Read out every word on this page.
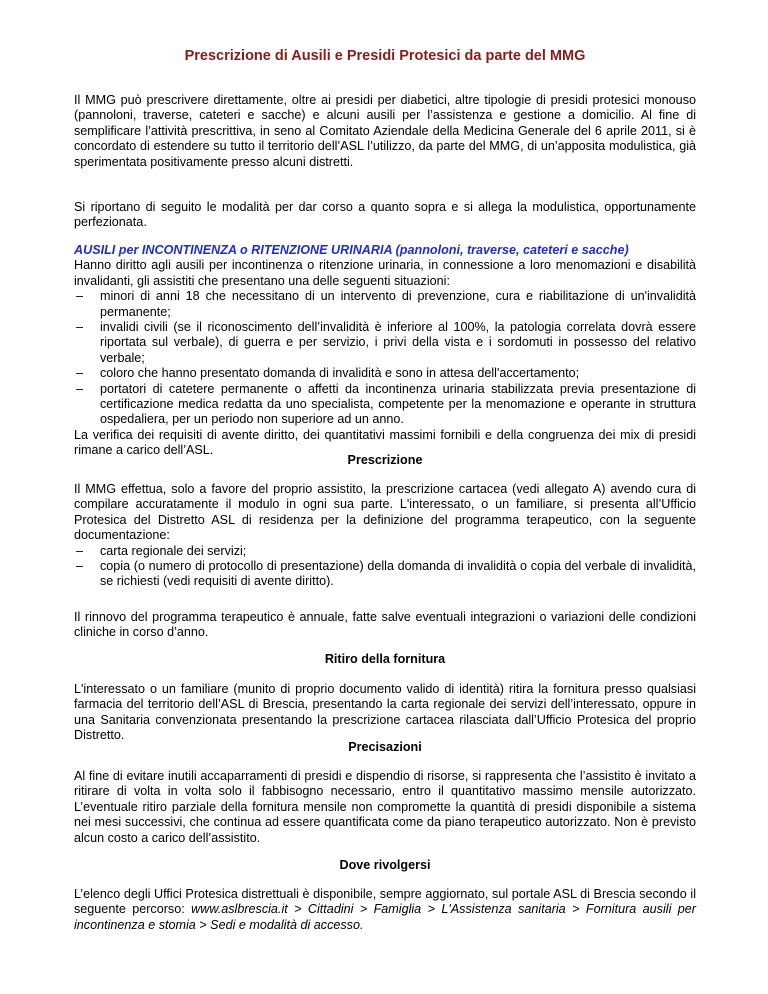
Prescrizione di Ausili e Presidi Protesici da parte del MMG
Il MMG può prescrivere direttamente, oltre ai presidi per diabetici, altre tipologie di presidi protesici monouso (pannoloni, traverse, cateteri e sacche) e alcuni ausili per l’assistenza e gestione a domicilio. Al fine di semplificare l’attività prescrittiva, in seno al Comitato Aziendale della Medicina Generale del 6 aprile 2011, si è concordato di estendere su tutto il territorio dell’ASL l’utilizzo, da parte del MMG, di un’apposita modulistica, già sperimentata positivamente presso alcuni distretti.
Si riportano di seguito le modalità per dar corso a quanto sopra e si allega la modulistica, opportunamente perfezionata.
AUSILI per INCONTINENZA o RITENZIONE URINARIA (pannoloni, traverse, cateteri e sacche)
Hanno diritto agli ausili per incontinenza o ritenzione urinaria, in connessione a loro menomazioni e disabilità invalidanti, gli assistiti che presentano una delle seguenti situazioni:
– minori di anni 18 che necessitano di un intervento di prevenzione, cura e riabilitazione di un'invalidità permanente;
– invalidi civili (se il riconoscimento dell’invalidità è inferiore al 100%, la patologia correlata dovrà essere riportata sul verbale), di guerra e per servizio, i privi della vista e i sordomuti in possesso del relativo verbale;
– coloro che hanno presentato domanda di invalidità e sono in attesa dell'accertamento;
– portatori di catetere permanente o affetti da incontinenza urinaria stabilizzata previa presentazione di certificazione medica redatta da uno specialista, competente per la menomazione e operante in struttura ospedaliera, per un periodo non superiore ad un anno.
La verifica dei requisiti di avente diritto, dei quantitativi massimi fornibili e della congruenza dei mix di presidi rimane a carico dell’ASL.
Prescrizione
Il MMG effettua, solo a favore del proprio assistito, la prescrizione cartacea (vedi allegato A) avendo cura di compilare accuratamente il modulo in ogni sua parte. L'interessato, o un familiare, si presenta all’Ufficio Protesica del Distretto ASL di residenza per la definizione del programma terapeutico, con la seguente documentazione:
– carta regionale dei servizi;
– copia (o numero di protocollo di presentazione) della domanda di invalidità o copia del verbale di invalidità, se richiesti (vedi requisiti di avente diritto).
Il rinnovo del programma terapeutico è annuale, fatte salve eventuali integrazioni o variazioni delle condizioni cliniche in corso d’anno.
Ritiro della fornitura
L'interessato o un familiare (munito di proprio documento valido di identità) ritira la fornitura presso qualsiasi farmacia del territorio dell’ASL di Brescia, presentando la carta regionale dei servizi dell’interessato, oppure in una Sanitaria convenzionata presentando la prescrizione cartacea rilasciata dall’Ufficio Protesica del proprio Distretto.
Precisazioni
Al fine di evitare inutili accaparramenti di presidi e dispendio di risorse, si rappresenta che l’assistito è invitato a ritirare di volta in volta solo il fabbisogno necessario, entro il quantitativo massimo mensile autorizzato. L’eventuale ritiro parziale della fornitura mensile non compromette la quantità di presidi disponibile a sistema nei mesi successivi, che continua ad essere quantificata come da piano terapeutico autorizzato. Non è previsto alcun costo a carico dell’assistito.
Dove rivolgersi
L’elenco degli Uffici Protesica distrettuali è disponibile, sempre aggiornato, sul portale ASL di Brescia secondo il seguente percorso: www.aslbrescia.it > Cittadini > Famiglia > L'Assistenza sanitaria > Fornitura ausili per incontinenza e stomia > Sedi e modalità di accesso.
